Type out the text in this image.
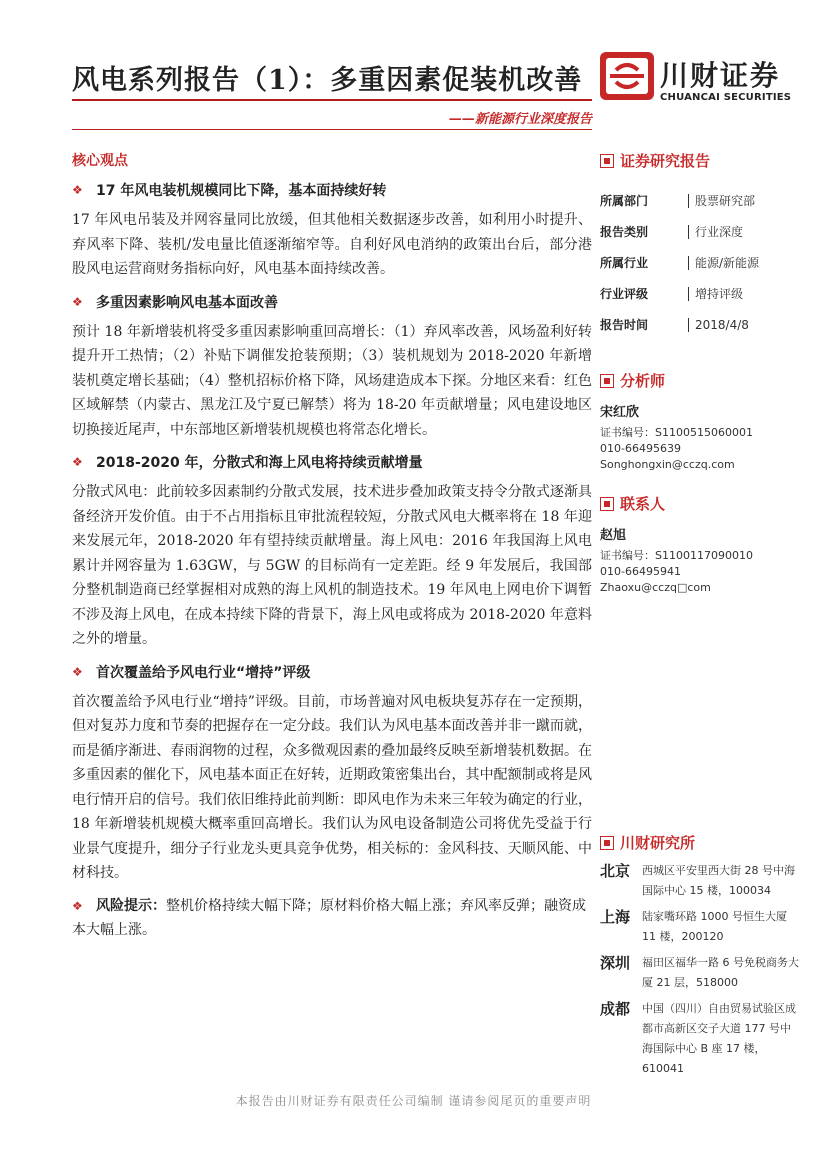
风电系列报告（1）：多重因素促装机改善
——新能源行业深度报告
川财证券
CHUANCAI SECURITIES
核心观点
❖ 17 年风电装机规模同比下降，基本面持续好转

17 年风电吊装及并网容量同比放缓，但其他相关数据逐步改善，如利用小时提升、弃风率下降、装机/发电量比值逐渐缩窄等。自利好风电消纳的政策出台后，部分港股风电运营商财务指标向好，风电基本面持续改善。

❖ 多重因素影响风电基本面改善

预计 18 年新增装机将受多重因素影响重回高增长：（1）弃风率改善，风场盈利好转提升开工热情；（2）补贴下调催发抢装预期；（3）装机规划为 2018-2020 年新增装机奠定增长基础；（4）整机招标价格下降，风场建造成本下探。分地区来看：红色区域解禁（内蒙古、黑龙江及宁夏已解禁）将为 18-20 年贡献增量；风电建设地区切换接近尾声，中东部地区新增装机规模也将常态化增长。

❖ 2018-2020 年，分散式和海上风电将持续贡献增量

分散式风电：此前较多因素制约分散式发展，技术进步叠加政策支持令分散式逐渐具备经济开发价值。由于不占用指标且审批流程较短，分散式风电大概率将在 18 年迎来发展元年，2018-2020 年有望持续贡献增量。海上风电：2016 年我国海上风电累计并网容量为 1.63GW，与 5GW 的目标尚有一定差距。经 9 年发展后，我国部分整机制造商已经掌握相对成熟的海上风机的制造技术。19 年风电上网电价下调暂不涉及海上风电，在成本持续下降的背景下，海上风电或将成为 2018-2020 年意料之外的增量。

❖ 首次覆盖给予风电行业“增持”评级

首次覆盖给予风电行业“增持”评级。目前，市场普遍对风电板块复苏存在一定预期，但对复苏力度和节奏的把握存在一定分歧。我们认为风电基本面改善并非一蹴而就，而是循序渐进、春雨润物的过程，众多微观因素的叠加最终反映至新增装机数据。在多重因素的催化下，风电基本面正在好转，近期政策密集出台，其中配额制或将是风电行情开启的信号。我们依旧维持此前判断：即风电作为未来三年较为确定的行业，18 年新增装机规模大概率重回高增长。我们认为风电设备制造公司将优先受益于行业景气度提升，细分子行业龙头更具竞争优势，相关标的：金风科技、天顺风能、中材科技。

❖ 风险提示：整机价格持续大幅下降；原材料价格大幅上涨；弃风率反弹；融资成本大幅上涨。
证券研究报告
所属部门	股票研究部
报告类别	行业深度
所属行业	能源/新能源
行业评级	增持评级
报告时间	2018/4/8
分析师
宋红欣
证书编号：S1100515060001
010-66495639
Songhongxin@cczq.com
联系人
赵旭
证书编号：S1100117090010
010-66495941
Zhaoxu@cczq□com
川财研究所
北京	西城区平安里西大街 28 号中海国际中心 15 楼，100034
上海	陆家嘴环路 1000 号恒生大厦 11 楼，200120
深圳	福田区福华一路 6 号免税商务大厦 21 层，518000
成都	中国（四川）自由贸易试验区成都市高新区交子大道 177 号中海国际中心 B 座 17 楼，610041
本报告由川财证券有限责任公司编制 谨请参阅尾页的重要声明
